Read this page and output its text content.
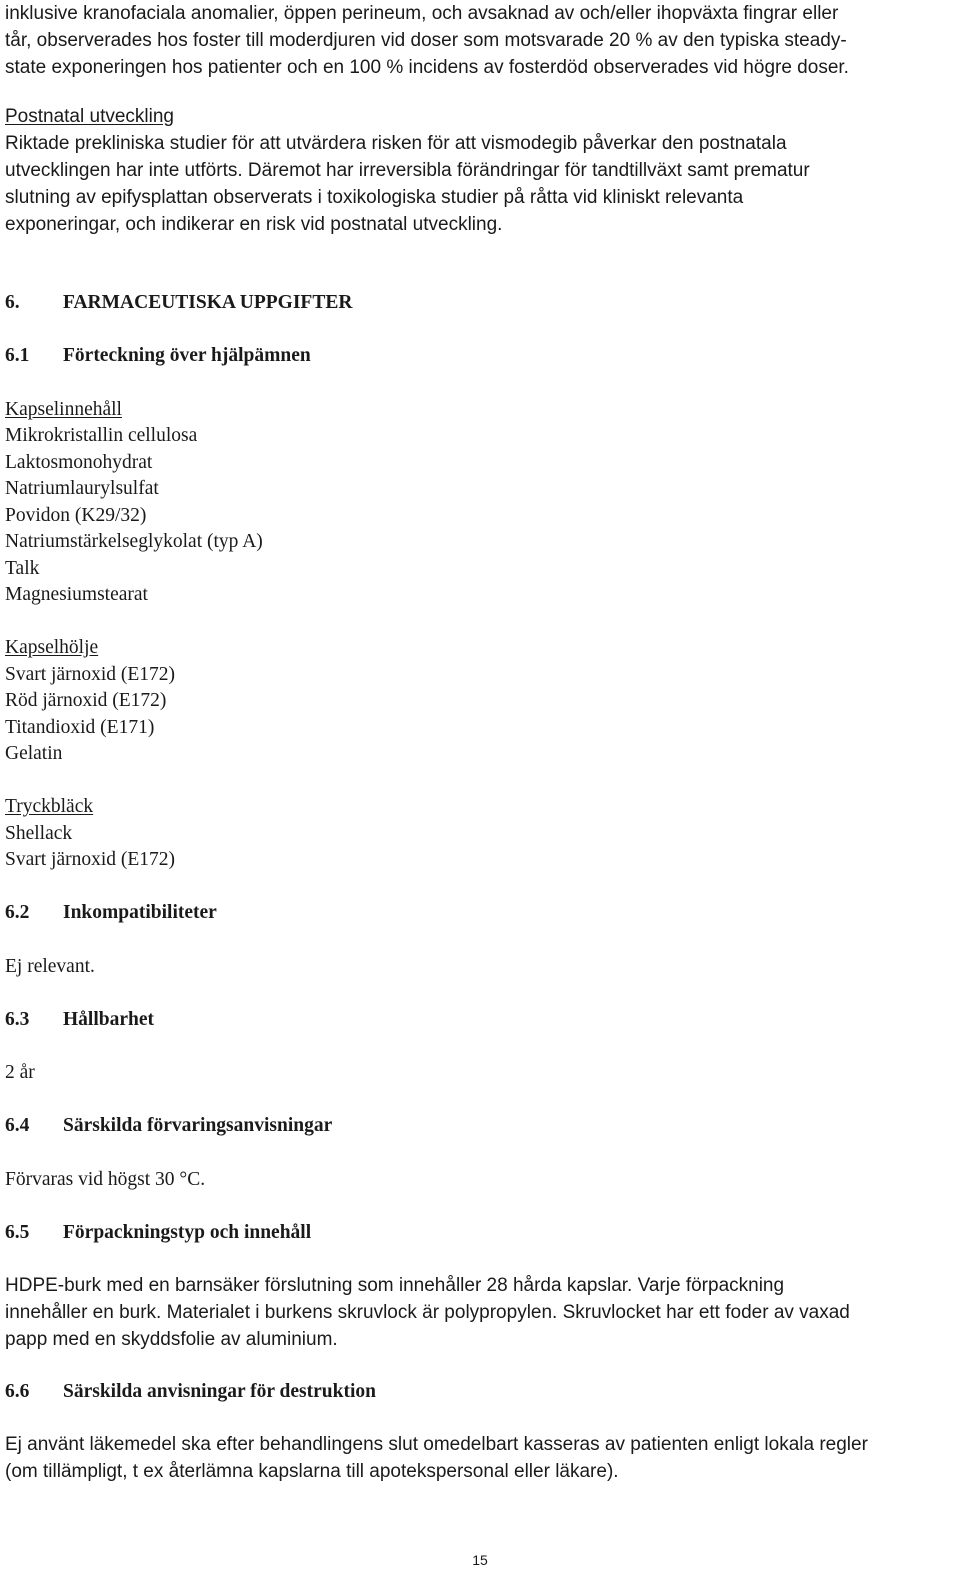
inklusive kranofaciala anomalier, öppen perineum, och avsaknad av och/eller ihopväxta fingrar eller
tår, observerades hos foster till moderdjuren vid doser som motsvarade 20 % av den typiska steady-
state exponeringen hos patienter och en 100 % incidens av fosterdöd observerades vid högre doser.
Postnatal utveckling
Riktade prekliniska studier för att utvärdera risken för att vismodegib påverkar den postnatala
utvecklingen har inte utförts. Däremot har irreversibla förändringar för tandtillväxt samt prematur
slutning av epifysplattan observerats i toxikologiska studier på råtta vid kliniskt relevanta
exponeringar, och indikerar en risk vid postnatal utveckling.
6. FARMACEUTISKA UPPGIFTER
6.1 Förteckning över hjälpämnen
Kapselinnehåll
Mikrokristallin cellulosa
Laktosmonohydrat
Natriumlaurylsulfat
Povidon (K29/32)
Natriumstärkelseglykolat (typ A)
Talk
Magnesiumstearat
Kapselhölje
Svart järnoxid (E172)
Röd järnoxid (E172)
Titandioxid (E171)
Gelatin
Tryckbläck
Shellack
Svart järnoxid (E172)
6.2 Inkompatibiliteter
Ej relevant.
6.3 Hållbarhet
2 år
6.4 Särskilda förvaringsanvisningar
Förvaras vid högst 30 °C.
6.5 Förpackningstyp och innehåll
HDPE-burk med en barnsäker förslutning som innehåller 28 hårda kapslar. Varje förpackning
innehåller en burk. Materialet i burkens skruvlock är polypropylen. Skruvlocket har ett foder av vaxad
papp med en skyddsfolie av aluminium.
6.6 Särskilda anvisningar för destruktion
Ej använt läkemedel ska efter behandlingens slut omedelbart kasseras av patienten enligt lokala regler
(om tillämpligt, t ex återlämna kapslarna till apotekspersonal eller läkare).
15
